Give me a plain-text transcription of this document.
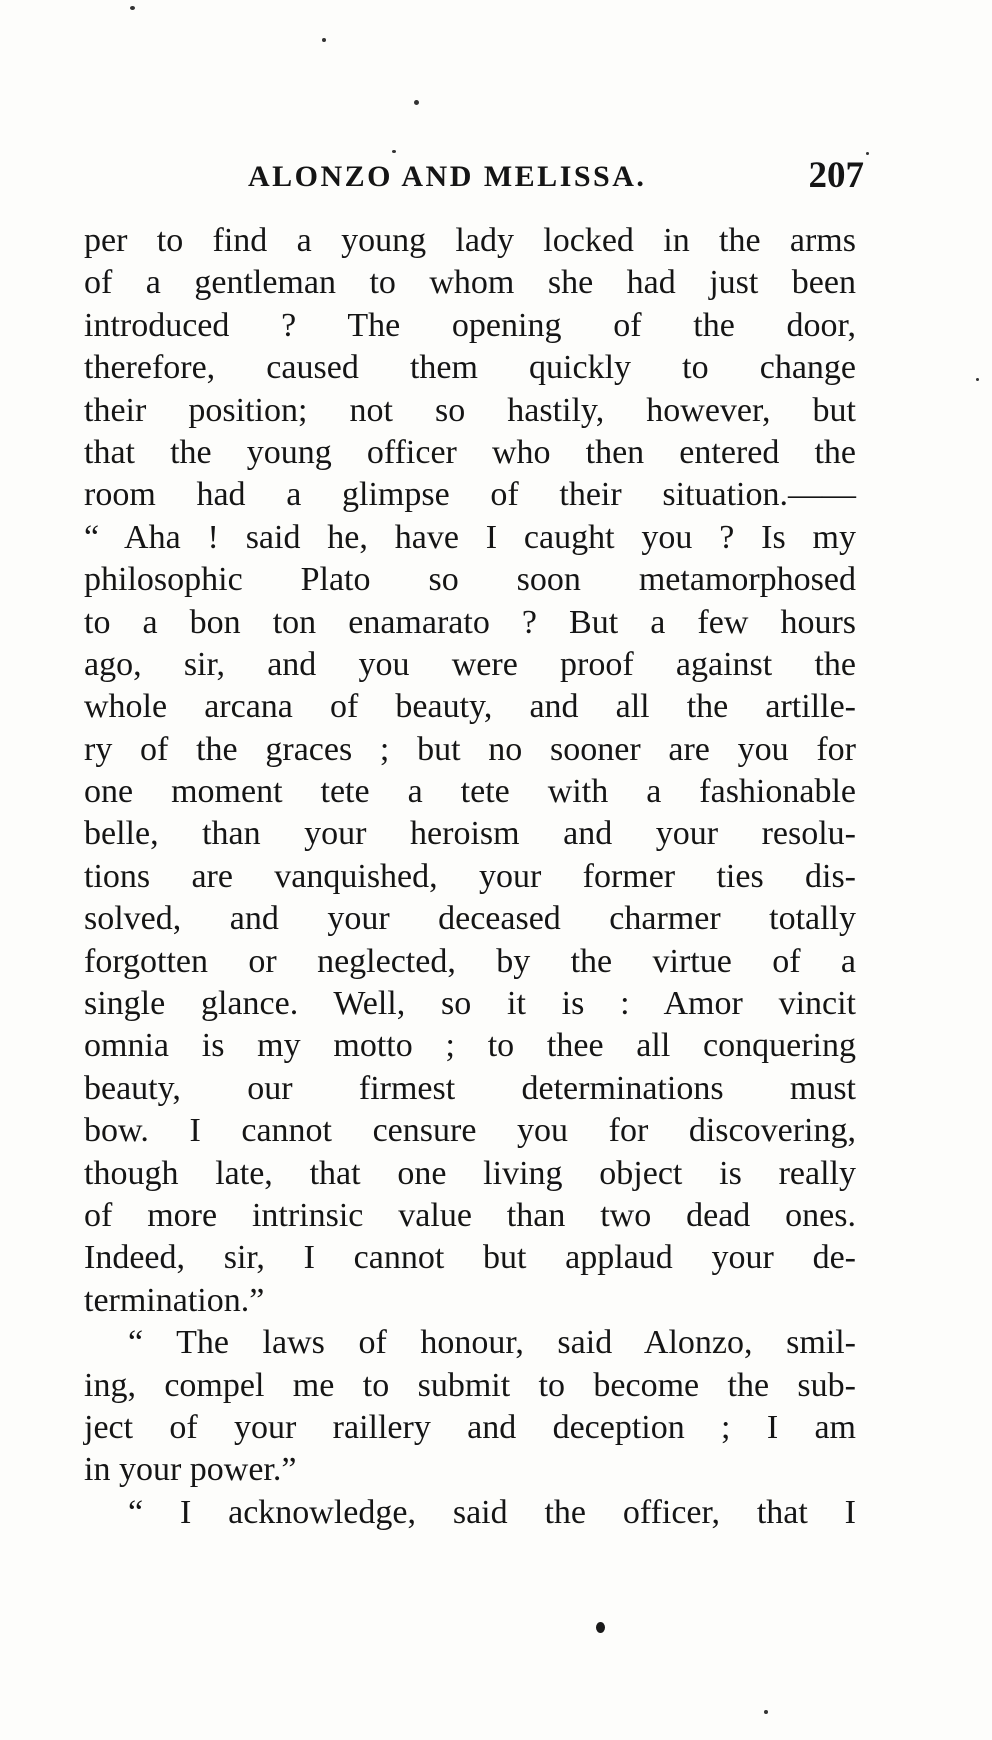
ALONZO AND MELISSA.	207
per to find a young lady locked in the arms
of a gentleman to whom she had just been
introduced ? The opening of the door,
therefore, caused them quickly to change
their position; not so hastily, however, but
that the young officer who then entered the
room had a glimpse of their situation.——
“ Aha ! said he, have I caught you ? Is my
philosophic Plato so soon metamorphosed
to a bon ton enamarato ? But a few hours
ago, sir, and you were proof against the
whole arcana of beauty, and all the artille-
ry of the graces ; but no sooner are you for
one moment tete a tete with a fashionable
belle, than your heroism and your resolu-
tions are vanquished, your former ties dis-
solved, and your deceased charmer totally
forgotten or neglected, by the virtue of a
single glance. Well, so it is : Amor vincit
omnia is my motto ; to thee all conquering
beauty, our firmest determinations must
bow. I cannot censure you for discovering,
though late, that one living object is really
of more intrinsic value than two dead ones.
Indeed, sir, I cannot but applaud your de-
termination.”
“ The laws of honour, said Alonzo, smil-
ing, compel me to submit to become the sub-
ject of your raillery and deception ; I am
in your power.”
“ I acknowledge, said the officer, that I
